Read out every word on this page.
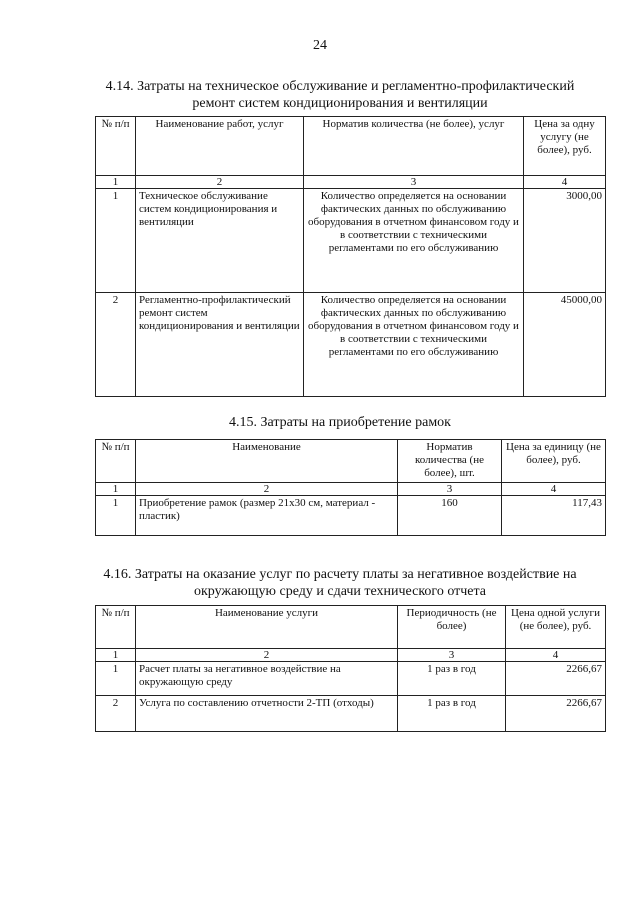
24
4.14. Затраты на техническое обслуживание и регламентно-профилактический
ремонт систем кондиционирования и вентиляции
№ п/п	Наименование работ, услуг	Норматив количества (не более), услуг	Цена за одну услугу (не более), руб.
1	2	3	4
1	Техническое обслуживание систем кондиционирования и вентиляции	Количество определяется на основании фактических данных по обслуживанию оборудования в отчетном финансовом году и в соответствии с техническими регламентами по его обслуживанию	3000,00
2	Регламентно-профилактический ремонт систем кондиционирования и вентиляции	Количество определяется на основании фактических данных по обслуживанию оборудования в отчетном финансовом году и в соответствии с техническими регламентами по его обслуживанию	45000,00
4.15. Затраты на приобретение рамок
№ п/п	Наименование	Норматив количества (не более), шт.	Цена за единицу (не более), руб.
1	2	3	4
1	Приобретение рамок (размер 21х30 см, материал - пластик)	160	117,43
4.16. Затраты на оказание услуг по расчету платы за негативное воздействие на
окружающую среду и сдачи технического отчета
№ п/п	Наименование услуги	Периодичность (не более)	Цена одной услуги (не более), руб.
1	2	3	4
1	Расчет платы за негативное воздействие на окружающую среду	1 раз в год	2266,67
2	Услуга по составлению отчетности 2-ТП (отходы)	1 раз в год	2266,67
